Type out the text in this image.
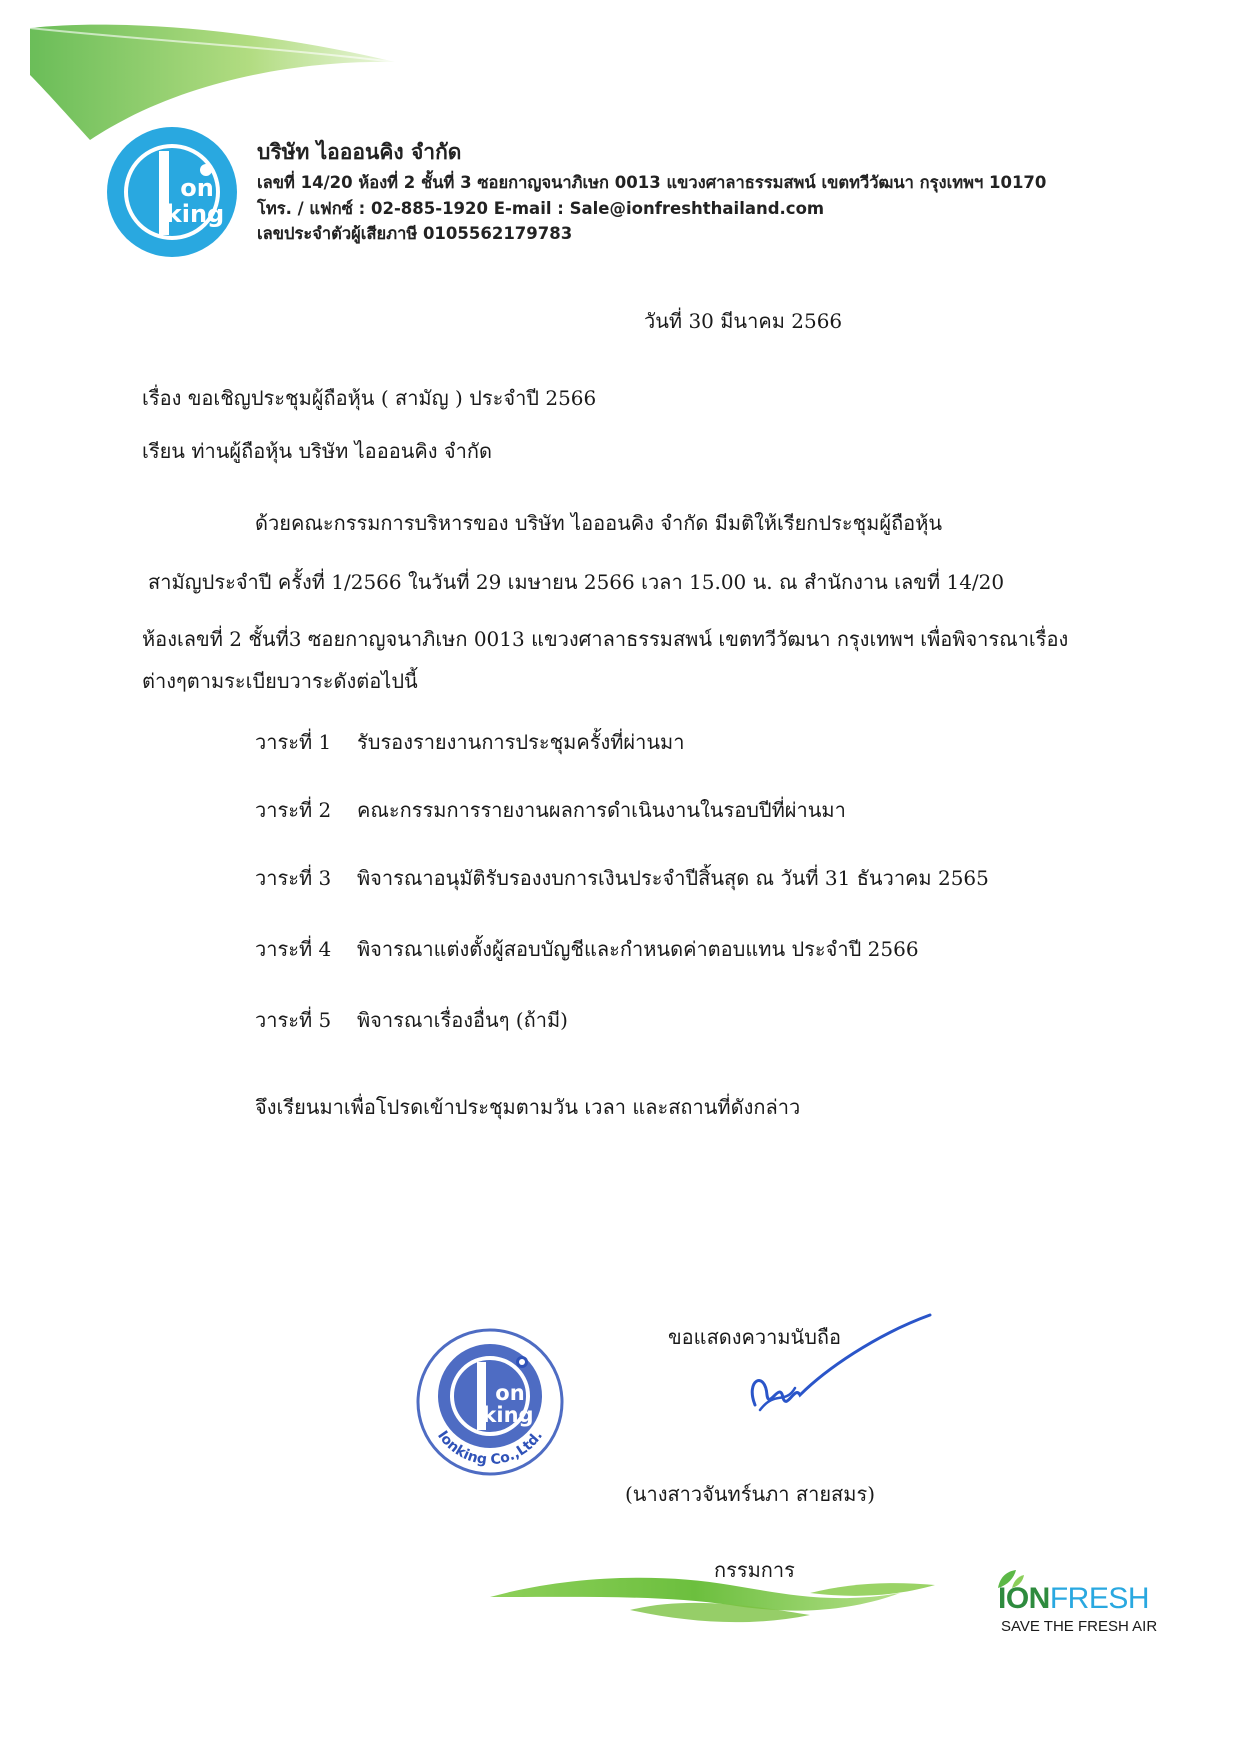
on
king
บริษัท ไอออนคิง จำกัด
เลขที่ 14/20 ห้องที่ 2 ชั้นที่ 3 ซอยกาญจนาภิเษก 0013 แขวงศาลาธรรมสพน์ เขตทวีวัฒนา กรุงเทพฯ 10170
โทร. / แฟกซ์ : 02-885-1920 E-mail : Sale@ionfreshthailand.com
เลขประจำตัวผู้เสียภาษี 0105562179783
วันที่ 30 มีนาคม 2566
เรื่อง ขอเชิญประชุมผู้ถือหุ้น ( สามัญ ) ประจำปี 2566
เรียน ท่านผู้ถือหุ้น บริษัท ไอออนคิง จำกัด
ด้วยคณะกรรมการบริหารของ บริษัท ไอออนคิง จำกัด มีมติให้เรียกประชุมผู้ถือหุ้น
สามัญประจำปี ครั้งที่ 1/2566 ในวันที่ 29 เมษายน 2566 เวลา 15.00 น. ณ สำนักงาน เลขที่ 14/20
ห้องเลขที่ 2 ชั้นที่3 ซอยกาญจนาภิเษก 0013 แขวงศาลาธรรมสพน์ เขตทวีวัฒนา กรุงเทพฯ เพื่อพิจารณาเรื่อง
ต่างๆตามระเบียบวาระดังต่อไปนี้
วาระที่ 1 รับรองรายงานการประชุมครั้งที่ผ่านมา
วาระที่ 2 คณะกรรมการรายงานผลการดำเนินงานในรอบปีที่ผ่านมา
วาระที่ 3 พิจารณาอนุมัติรับรองงบการเงินประจำปีสิ้นสุด ณ วันที่ 31 ธันวาคม 2565
วาระที่ 4 พิจารณาแต่งตั้งผู้สอบบัญชีและกำหนดค่าตอบแทน ประจำปี 2566
วาระที่ 5 พิจารณาเรื่องอื่นๆ (ถ้ามี)
จึงเรียนมาเพื่อโปรดเข้าประชุมตามวัน เวลา และสถานที่ดังกล่าว
ขอแสดงความนับถือ
on
king
Ionking Co.,Ltd.
(นางสาวจันทร์นภา สายสมร)
กรรมการ
IONFRESH
SAVE THE FRESH AIR
